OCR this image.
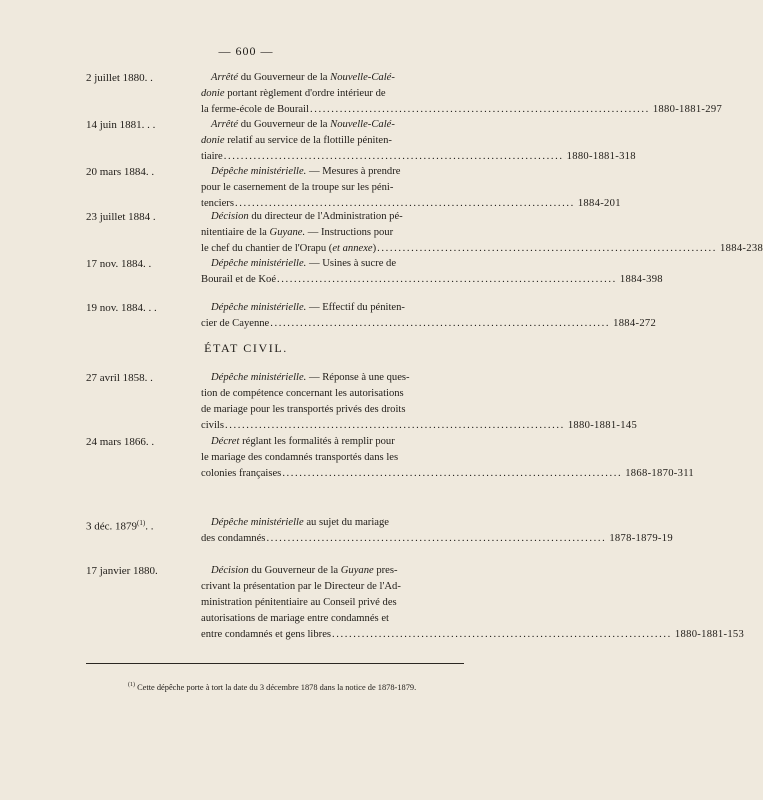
— 600 —
2 juillet 1880. .	Arrêté du Gouverneur de la Nouvelle-Calé-

donie portant règlement d'ordre intérieur de

la ferme-école de Bourail ................................................................................ 1880-1881-297
14 juin 1881. . .	Arrêté du Gouverneur de la Nouvelle-Calé-

donie relatif au service de la flottille péniten-

tiaire ................................................................................ 1880-1881-318
20 mars 1884. .	Dépêche ministérielle. — Mesures à prendre

pour le casernement de la troupe sur les péni-

tenciers ................................................................................ 1884-201
23 juillet 1884 .	Décision du directeur de l'Administration pé-

nitentiaire de la Guyane. — Instructions pour

le chef du chantier de l'Orapu (et annexe) ................................................................................ 1884-238
17 nov. 1884. .	Dépêche ministérielle. — Usines à sucre de

Bourail et de Koé ................................................................................ 1884-398
19 nov. 1884. . .	Dépêche ministérielle. — Effectif du péniten-

cier de Cayenne ................................................................................ 1884-272
ÉTAT CIVIL.
27 avril 1858. .	Dépêche ministérielle. — Réponse à une ques-

tion de compétence concernant les autorisations

de mariage pour les transportés privés des droits

civils ................................................................................ 1880-1881-145
24 mars 1866. .	Décret réglant les formalités à remplir pour

le mariage des condamnés transportés dans les

colonies françaises ................................................................................ 1868-1870-311
3 déc. 1879$^{(1)}$. .	Dépêche ministérielle au sujet du mariage

des condamnés ................................................................................ 1878-1879-19
17 janvier 1880.	Décision du Gouverneur de la Guyane pres-

crivant la présentation par le Directeur de l'Ad-

ministration pénitentiaire au Conseil privé des

autorisations de mariage entre condamnés et

entre condamnés et gens libres ................................................................................ 1880-1881-153
$^{(1)}$ Cette dépêche porte à tort la date du 3 décembre 1878 dans la notice de 1878-1879.
